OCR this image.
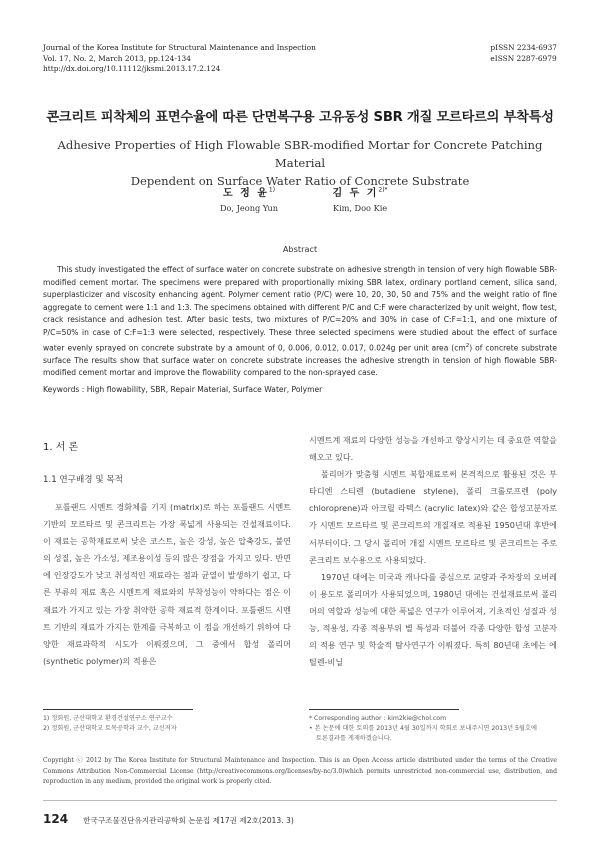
Journal of the Korea Institute for Structural Maintenance and Inspection
Vol. 17, No. 2, March 2013, pp.124-134
http://dx.doi.org/10.11112/jksmi.2013.17.2.124
pISSN 2234-6937
eISSN 2287-6979
콘크리트 피착체의 표면수율에 따른 단면복구용 고유동성 SBR 개질 모르타르의 부착특성
Adhesive Properties of High Flowable SBR-modified Mortar for Concrete Patching Material
Dependent on Surface Water Ratio of Concrete Substrate
도 정 윤$^{1)}$
Do, Jeong Yun
김 두 기$^{2)*}$
Kim, Doo Kie
Abstract
This study investigated the effect of surface water on concrete substrate on adhesive strength in tension of very high flowable SBR-modified cement mortar. The specimens were prepared with proportionally mixing SBR latex, ordinary portland cement, silica sand, superplasticizer and viscosity enhancing agent. Polymer cement ratio (P/C) were 10, 20, 30, 50 and 75% and the weight ratio of fine aggregate to cement were 1:1 and 1:3. The specimens obtained with different P/C and C:F were characterized by unit weight, flow test, crack resistance and adhesion test. After basic tests, two mixtures of P/C=20% and 30% in case of C:F=1:1, and one mixture of P/C=50% in case of C:F=1:3 were selected, respectively. These three selected specimens were studied about the effect of surface water evenly sprayed on concrete substrate by a amount of 0, 0.006, 0.012, 0.017, 0.024g per unit area $(cm^2)$ of concrete substrate surface The results show that surface water on concrete substrate increases the adhesive strength in tension of high flowable SBR-modified cement mortar and improve the flowability compared to the non-sprayed case.
Keywords : High flowability, SBR, Repair Material, Surface Water, Polymer
1. 서 론
1.1 연구배경 및 목적

포틀랜드 시멘트 경화체를 기지 (matrix)로 하는 포틀랜드 시멘트 기반의 모르타르 및 콘크리트는 가장 폭넓게 사용되는 건설재료이다. 이 재료는 공학재료로써 낮은 코스트, 높은 강성, 높은 압축강도, 불연의 성질, 높은 가소성, 제조용이성 등의 많은 장점을 가지고 있다. 반면에 인장강도가 낮고 취성적인 재료라는 점과 균열이 발생하기 쉽고, 다른 부류의 재료 혹은 시멘트계 재료와의 부착성능이 약하다는 점은 이 재료가 가지고 있는 가장 취약한 공학 재료적 한계이다. 포틀랜드 시멘트 기반의 재료가 가지는 한계를 극복하고 이 점을 개선하기 위하여 다양한 재료과학적 시도가 이뤄졌으며, 그 중에서 합성 폴리머 (synthetic polymer)의 적용은

시멘트계 재료의 다양한 성능을 개선하고 향상시키는 데 중요한 역할을 해오고 있다.

폴리머가 맞춤형 시멘트 복합재료로써 본격적으로 활용된 것은 부타디엔 스티렌 (butadiene stylene), 폴리 크롤로프렌 (poly chloroprene)과 아크릴 라텍스 (acrylic latex)와 같은 합성고분자로가 시멘트 모르타르 및 콘크리트의 개질재로 적용된 1950년대 후반에서부터이다. 그 당시 폴리머 개질 시멘트 모르타르 및 콘크리트는 주로 콘크리트 보수용으로 사용되었다.

1970년 대에는 미국과 캐나다를 중심으로 교량과 주차장의 오버레이 용도로 폴리머가 사용되었으며, 1980년 대에는 건설재료로써 폴리머의 역할과 성능에 대한 폭넓은 연구가 이루어져, 기초적인 성질과 성능, 적용성, 각종 적용부위 별 특성과 더불어 각종 다양한 합성 고분자의 적용 연구 및 학술적 탐사연구가 이뤄졌다. 특히 80년대 초에는 에틸렌-비닐

1) 정회원, 군산대학교 환경건설연구소 연구교수
2) 정회원, 군산대학교 토목공학과 교수, 교신저자
* Corresponding author : kim2kie@chol.com
• 본 논문에 대한 토의를 2013년 4월 30일까지 학회로 보내주시면 2013년 5월호에
토론결과를 게재하겠습니다.
Copyright ⓒ 2012 by The Korea Institute for Structural Maintenance and Inspection. This is an Open Access article distributed under the terms of the Creative Commons Attribution Non-Commercial License (http://creativecommons.org/licenses/by-nc/3.0)which permits unrestricted non-commercial use, distribution, and reproduction in any medium, provided the original work is properly cited.
124 한국구조물진단유지관리공학회 논문집 제17권 제2호(2013. 3)
